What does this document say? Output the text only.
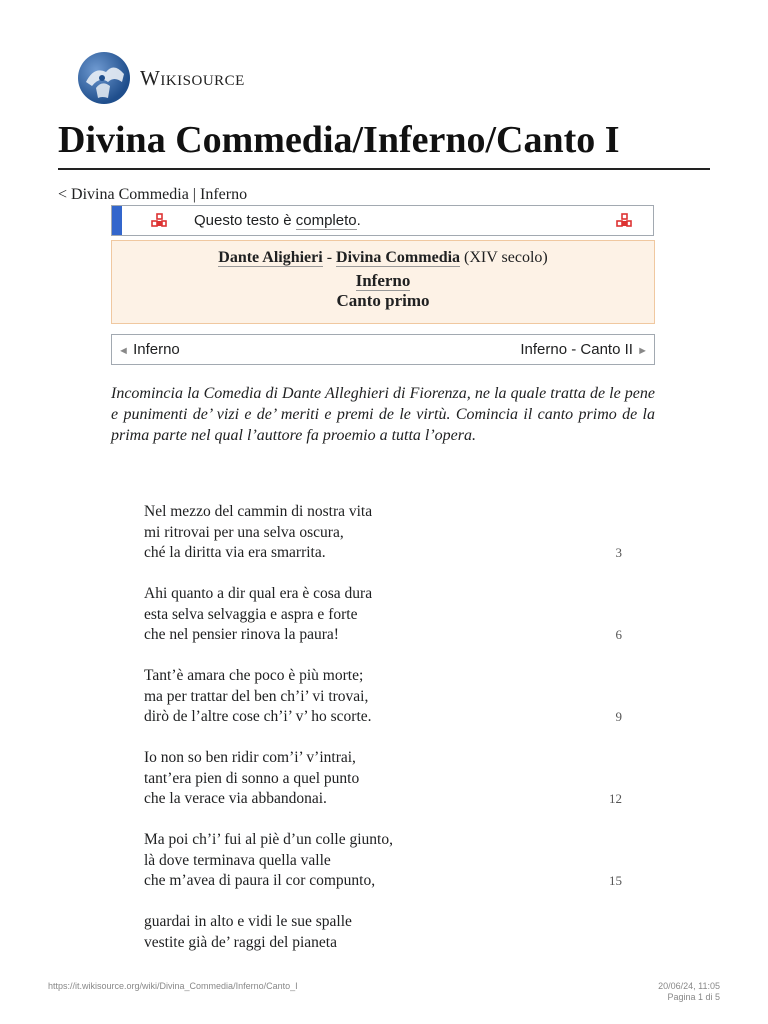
Wikisource
Divina Commedia/Inferno/Canto I
< Divina Commedia | Inferno
Questo testo è completo.
Dante Alighieri - Divina Commedia (XIV secolo)
Inferno
Canto primo
◄ Inferno	Inferno - Canto II ►
Incomincia la Comedia di Dante Alleghieri di Fiorenza, ne la quale tratta de le pene e punimenti de’ vizi e de’ meriti e premi de le virtù. Comincia il canto primo de la prima parte nel qual l’auttore fa proemio a tutta l’opera.
Nel mezzo del cammin di nostra vita
mi ritrovai per una selva oscura,
ché la diritta via era smarrita.	3
Ahi quanto a dir qual era è cosa dura
esta selva selvaggia e aspra e forte
che nel pensier rinova la paura!	6
Tant’è amara che poco è più morte;
ma per trattar del ben ch’i’ vi trovai,
dirò de l’altre cose ch’i’ v’ ho scorte.	9
Io non so ben ridir com’i’ v’intrai,
tant’era pien di sonno a quel punto
che la verace via abbandonai.	12
Ma poi ch’i’ fui al piè d’un colle giunto,
là dove terminava quella valle
che m’avea di paura il cor compunto,	15
guardai in alto e vidi le sue spalle
vestite già de’ raggi del pianeta
https://it.wikisource.org/wiki/Divina_Commedia/Inferno/Canto_I	20/06/24, 11:05
Pagina 1 di 5
